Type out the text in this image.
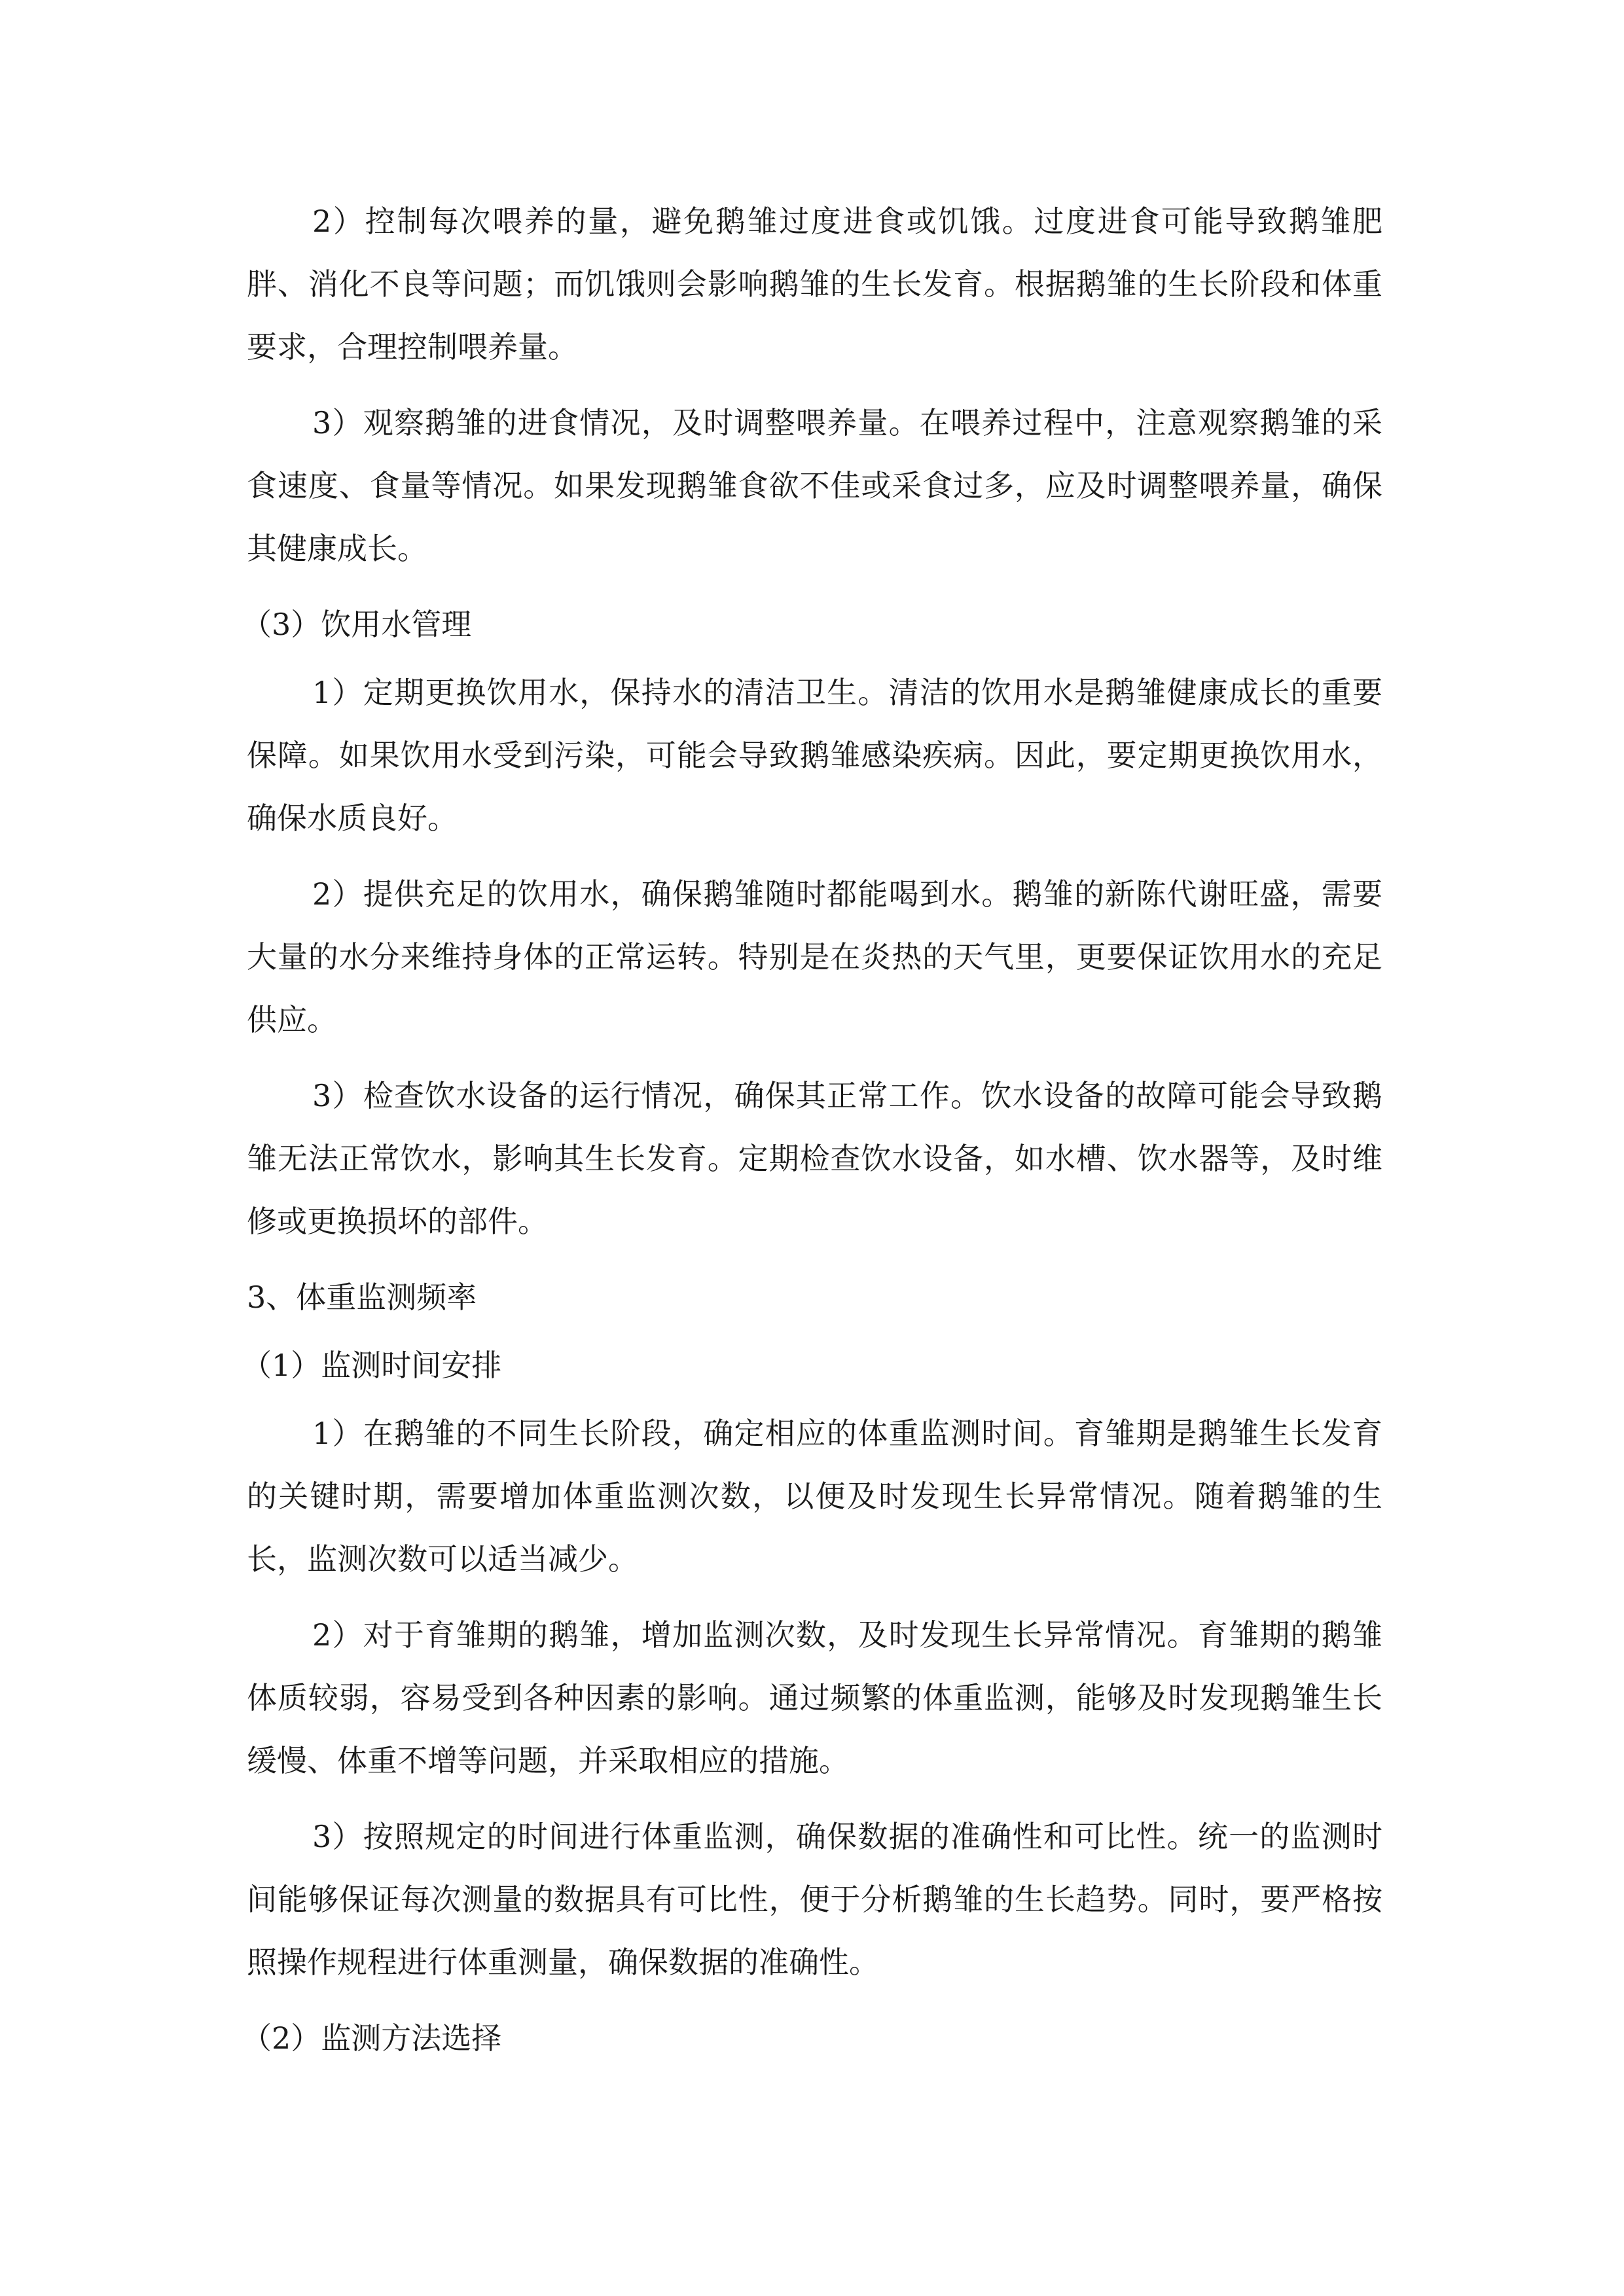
2）控制每次喂养的量，避免鹅雏过度进食或饥饿。过度进食可能导致鹅雏肥胖、消化不良等问题；而饥饿则会影响鹅雏的生长发育。根据鹅雏的生长阶段和体重要求，合理控制喂养量。

3）观察鹅雏的进食情况，及时调整喂养量。在喂养过程中，注意观察鹅雏的采食速度、食量等情况。如果发现鹅雏食欲不佳或采食过多，应及时调整喂养量，确保其健康成长。

（3）饮用水管理

1）定期更换饮用水，保持水的清洁卫生。清洁的饮用水是鹅雏健康成长的重要保障。如果饮用水受到污染，可能会导致鹅雏感染疾病。因此，要定期更换饮用水，确保水质良好。

2）提供充足的饮用水，确保鹅雏随时都能喝到水。鹅雏的新陈代谢旺盛，需要大量的水分来维持身体的正常运转。特别是在炎热的天气里，更要保证饮用水的充足供应。

3）检查饮水设备的运行情况，确保其正常工作。饮水设备的故障可能会导致鹅雏无法正常饮水，影响其生长发育。定期检查饮水设备，如水槽、饮水器等，及时维修或更换损坏的部件。

3、体重监测频率

（1）监测时间安排

1）在鹅雏的不同生长阶段，确定相应的体重监测时间。育雏期是鹅雏生长发育的关键时期，需要增加体重监测次数，以便及时发现生长异常情况。随着鹅雏的生长，监测次数可以适当减少。

2）对于育雏期的鹅雏，增加监测次数，及时发现生长异常情况。育雏期的鹅雏体质较弱，容易受到各种因素的影响。通过频繁的体重监测，能够及时发现鹅雏生长缓慢、体重不增等问题，并采取相应的措施。

3）按照规定的时间进行体重监测，确保数据的准确性和可比性。统一的监测时间能够保证每次测量的数据具有可比性，便于分析鹅雏的生长趋势。同时，要严格按照操作规程进行体重测量，确保数据的准确性。

（2）监测方法选择
